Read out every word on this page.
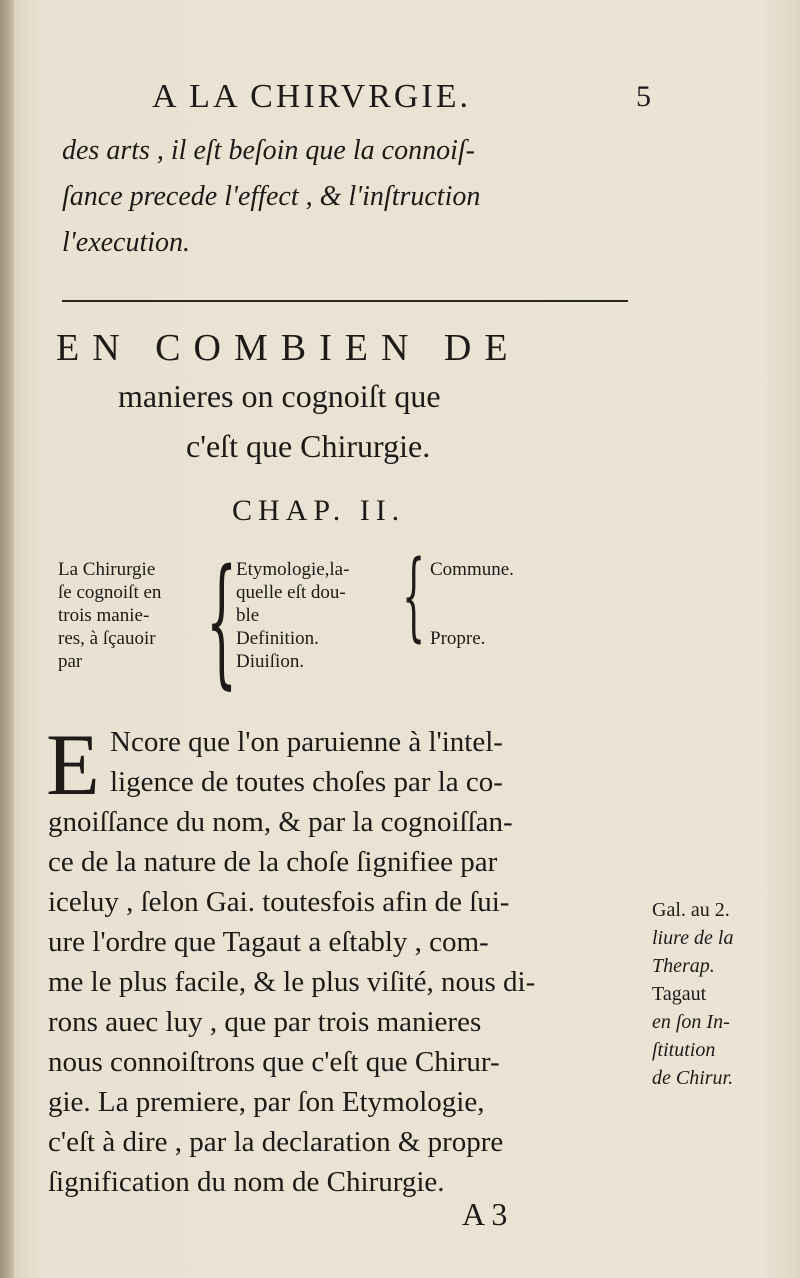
A LA CHIRVRGIE.	5
des arts , il eſt beſoin que la connoiſ-
ſance precede l'effect , & l'inſtruction
l'execution.
EN COMBIEN DE
manieres on cognoiſt que
c'eſt que Chirurgie.
CHAP. II.
La Chirurgie
ſe cognoiſt en
trois manie-
res, à ſçauoir
par {
Etymologie,la-
quelle eſt dou-
ble
Definition.
Diuiſion.
{ Commune.

Propre.
E Ncore que l'on paruienne à l'intel-
ligence de toutes choſes par la co-
gnoiſſance du nom, & par la cognoiſſan-
ce de la nature de la choſe ſignifiee par
iceluy , ſelon Gai. toutesfois afin de ſui-
ure l'ordre que Tagaut a eſtably , com-
me le plus facile, & le plus viſité, nous di-
rons auec luy , que par trois manieres
nous connoiſtrons que c'eſt que Chirur-
gie. La premiere, par ſon Etymologie,
c'eſt à dire , par la declaration & propre
ſignification du nom de Chirurgie.
Gal. au 2.
liure de la
Therap.
Tagaut
en ſon In-
ſtitution
de Chirur.
A 3
